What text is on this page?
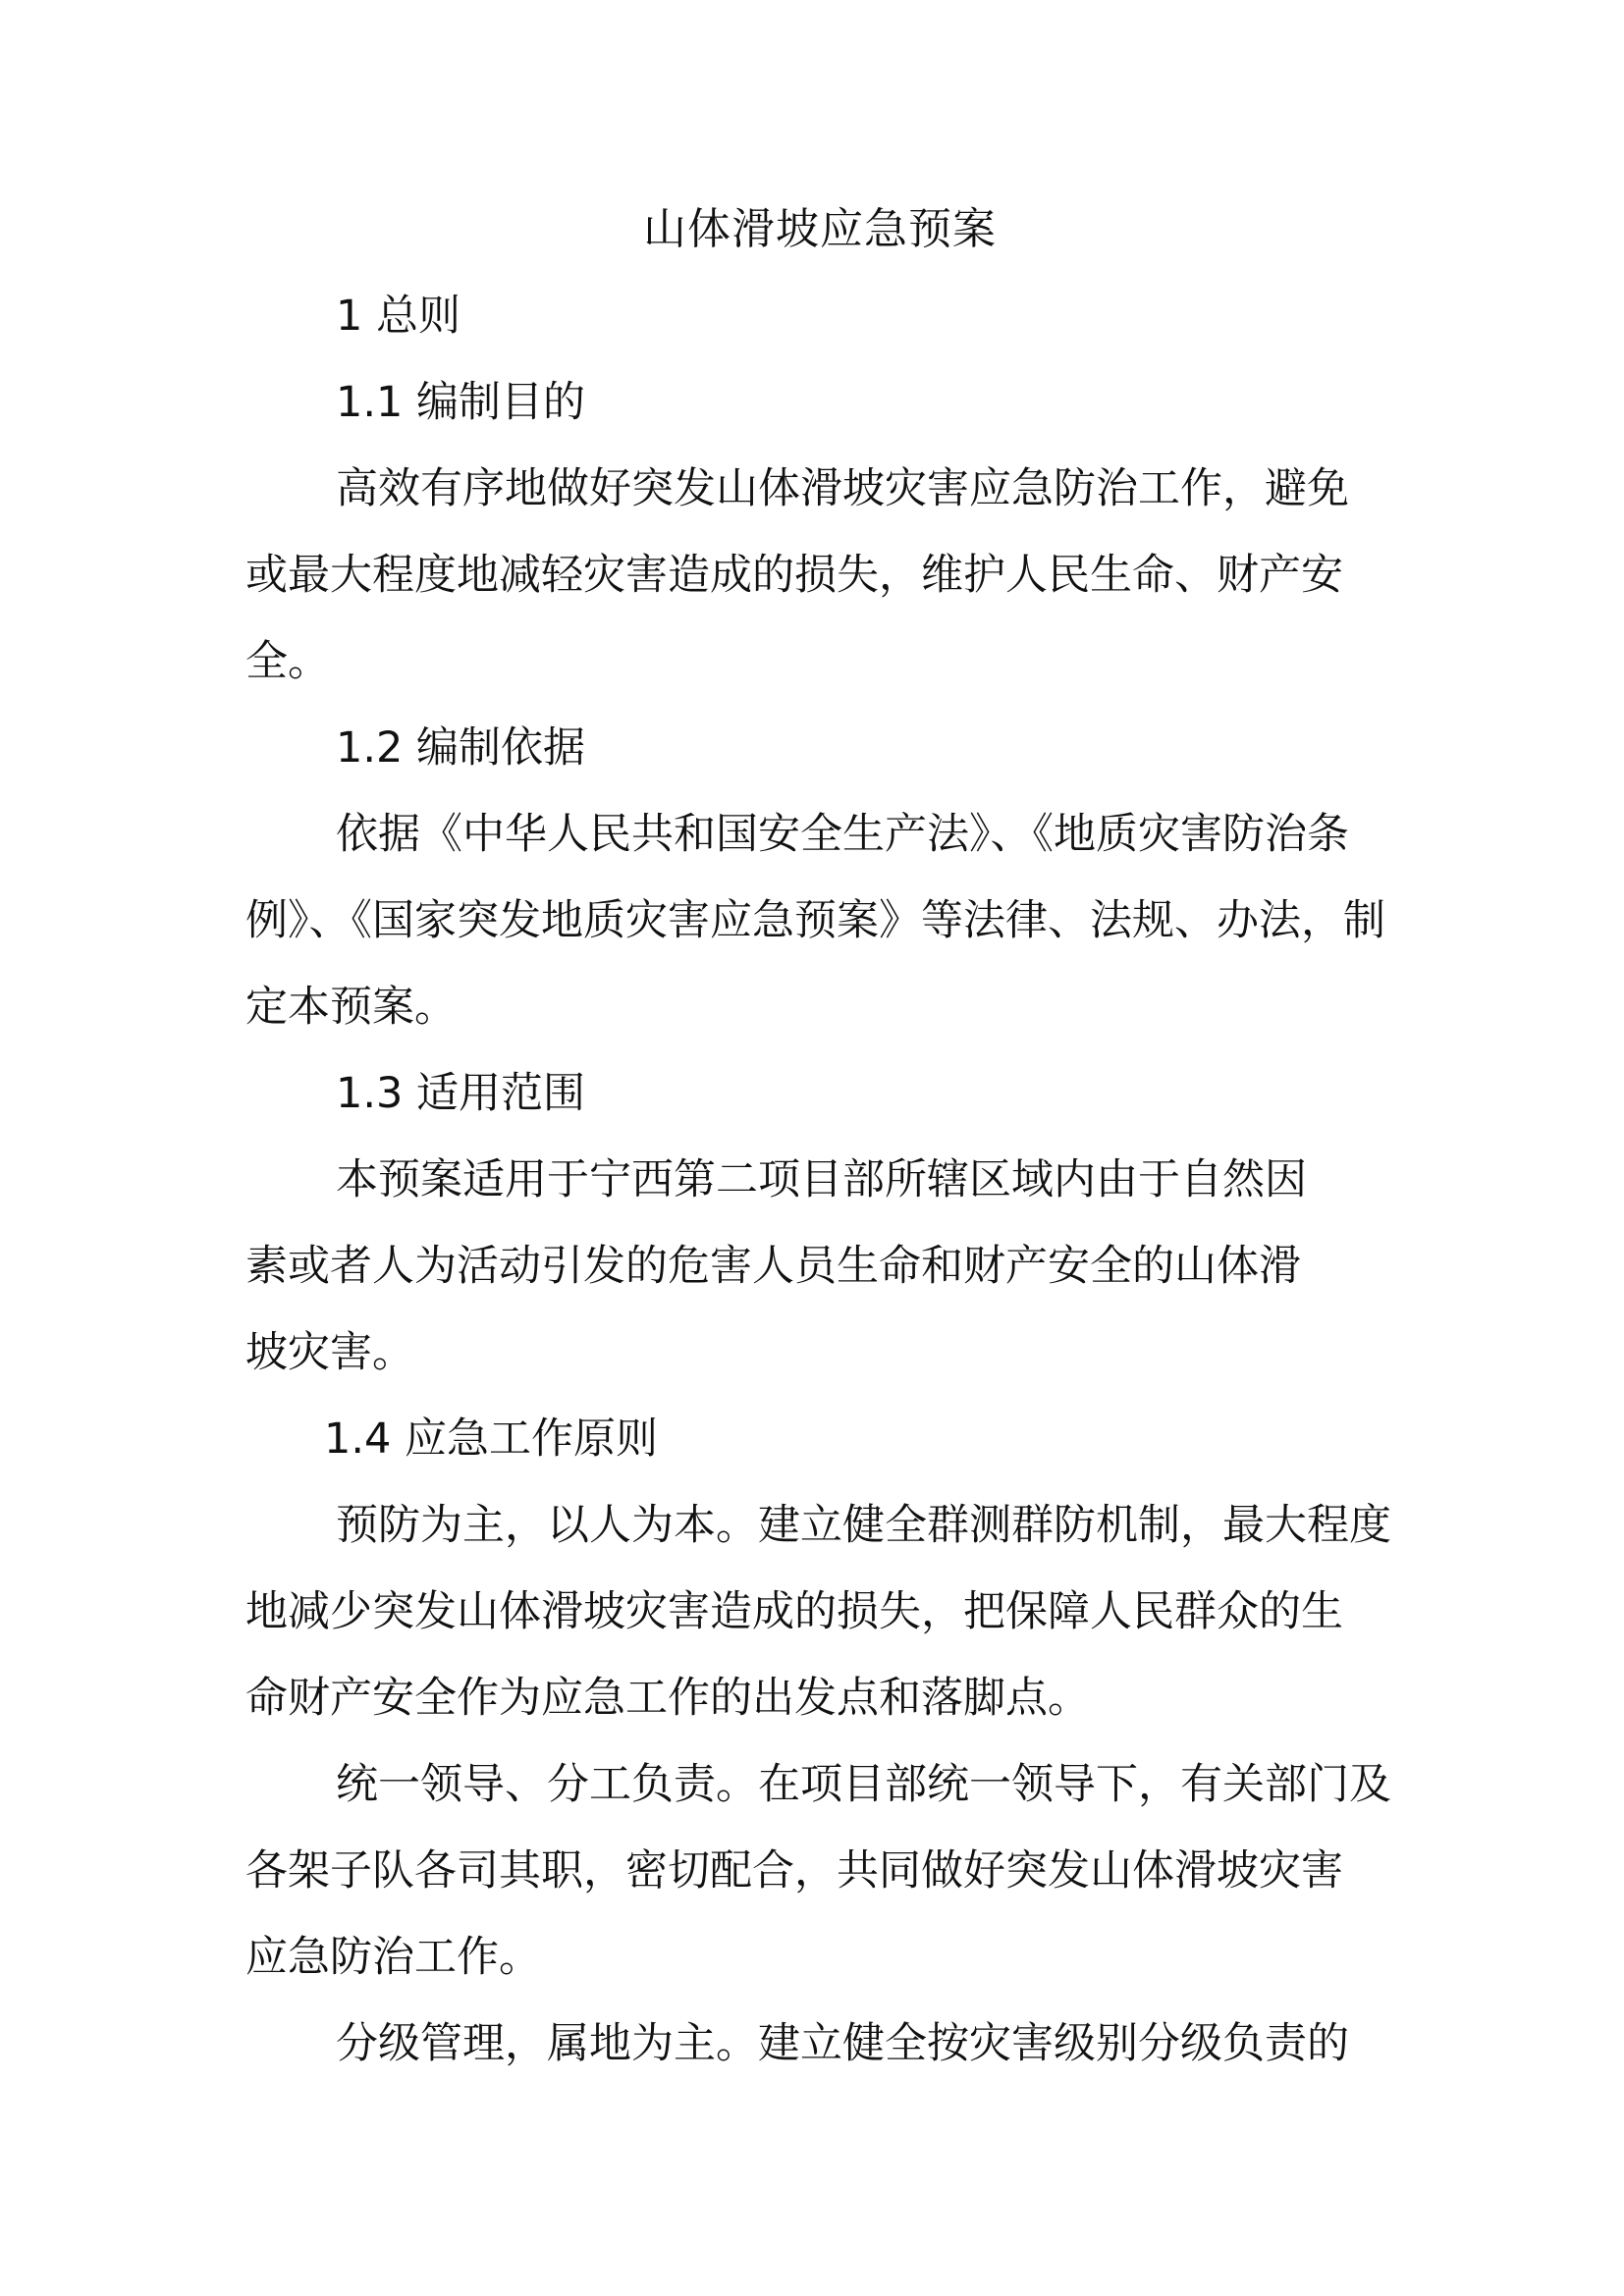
山体滑坡应急预案

1 总则

1.1 编制目的

高效有序地做好突发山体滑坡灾害应急防治工作，避免
或最大程度地减轻灾害造成的损失，维护人民生命、财产安
全。

1.2 编制依据

依据《中华人民共和国安全生产法》、《地质灾害防治条
例》、《国家突发地质灾害应急预案》等法律、法规、办法，制
定本预案。

1.3 适用范围

本预案适用于宁西第二项目部所辖区域内由于自然因
素或者人为活动引发的危害人员生命和财产安全的山体滑
坡灾害。

1.4 应急工作原则

预防为主，以人为本。建立健全群测群防机制，最大程度
地减少突发山体滑坡灾害造成的损失，把保障人民群众的生
命财产安全作为应急工作的出发点和落脚点。

统一领导、分工负责。在项目部统一领导下，有关部门及
各架子队各司其职，密切配合，共同做好突发山体滑坡灾害
应急防治工作。

分级管理，属地为主。建立健全按灾害级别分级负责的
